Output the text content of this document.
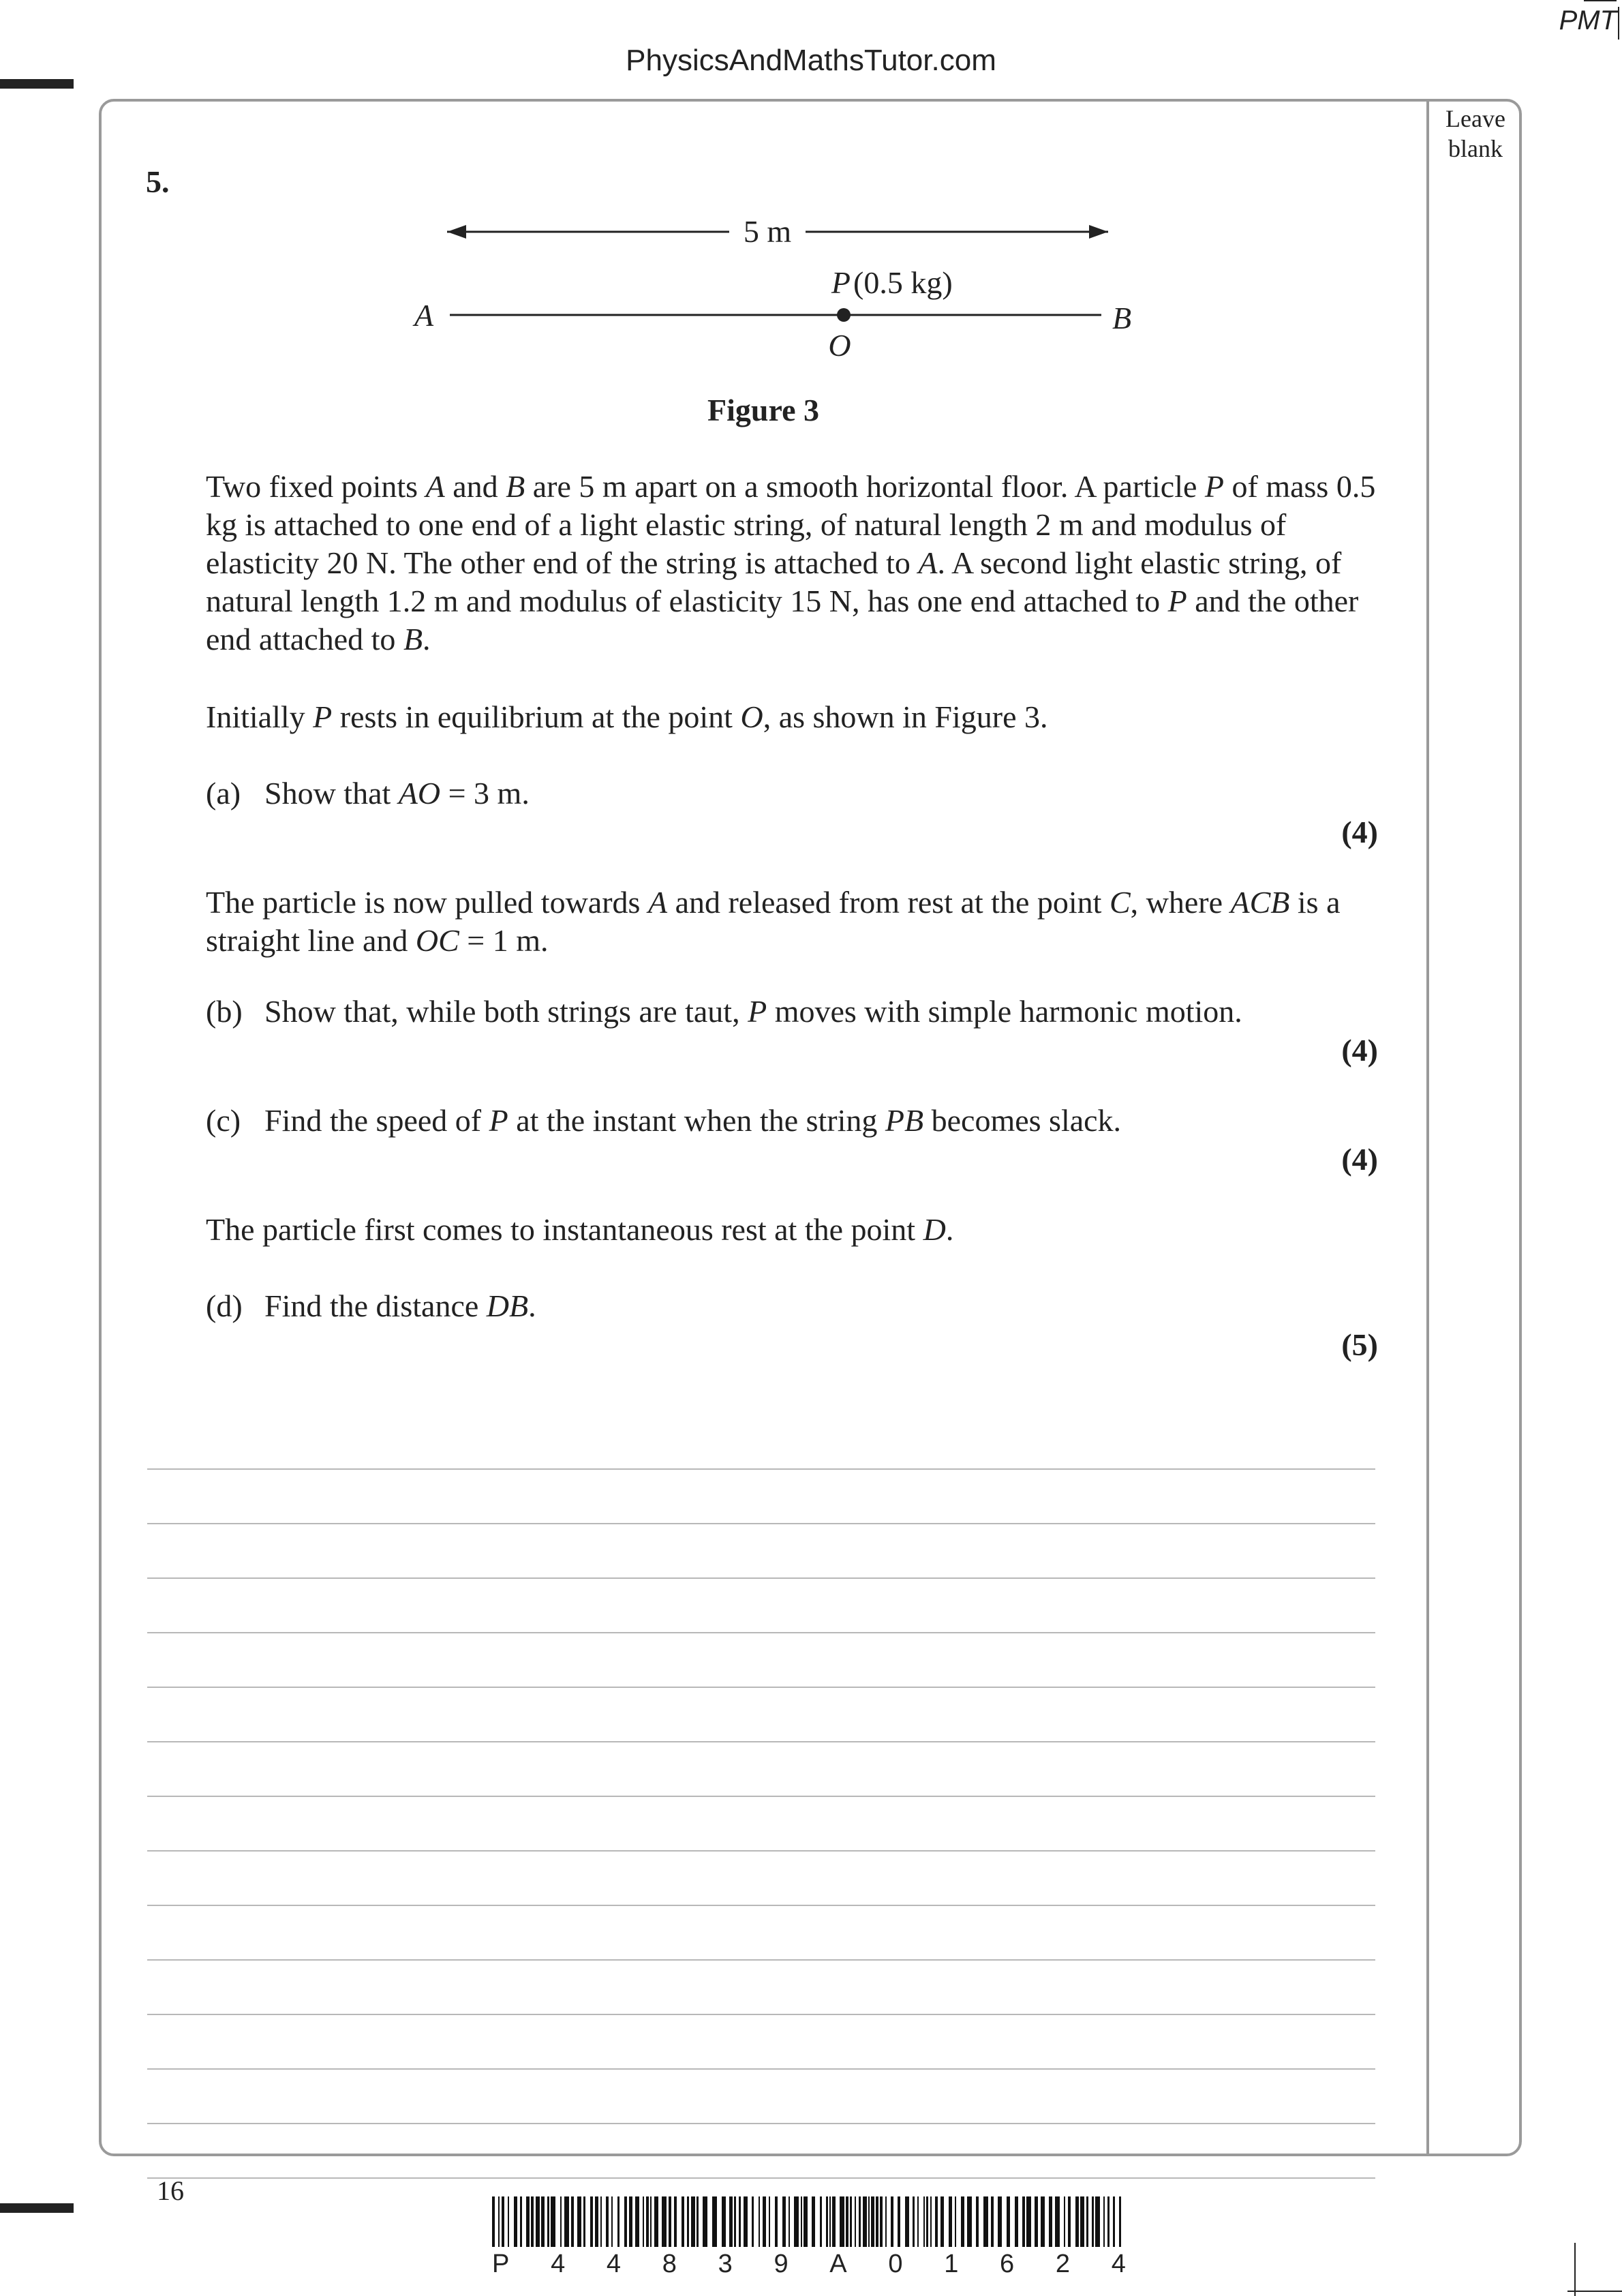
PMT
PhysicsAndMathsTutor.com
Leave
blank
5.
5 m
A	B
O
P (0.5 kg)
Figure 3

Two fixed points A and B are 5 m apart on a smooth horizontal floor. A particle P of mass 0.5 kg is attached to one end of a light elastic string, of natural length 2 m and modulus of elasticity 20 N. The other end of the string is attached to A. A second light elastic string, of natural length 1.2 m and modulus of elasticity 15 N, has one end attached to P and the other end attached to B.

Initially P rests in equilibrium at the point O, as shown in Figure 3.

(a) Show that AO = 3 m.
(4)

The particle is now pulled towards A and released from rest at the point C, where ACB is a straight line and OC = 1 m.

(b) Show that, while both strings are taut, P moves with simple harmonic motion.
(4)
(c) Find the speed of P at the instant when the string PB becomes slack.
(4)

The particle first comes to instantaneous rest at the point D.

(d) Find the distance DB.
(5)
16
P 4 4 8 3 9 A 0 1 6 2 4
